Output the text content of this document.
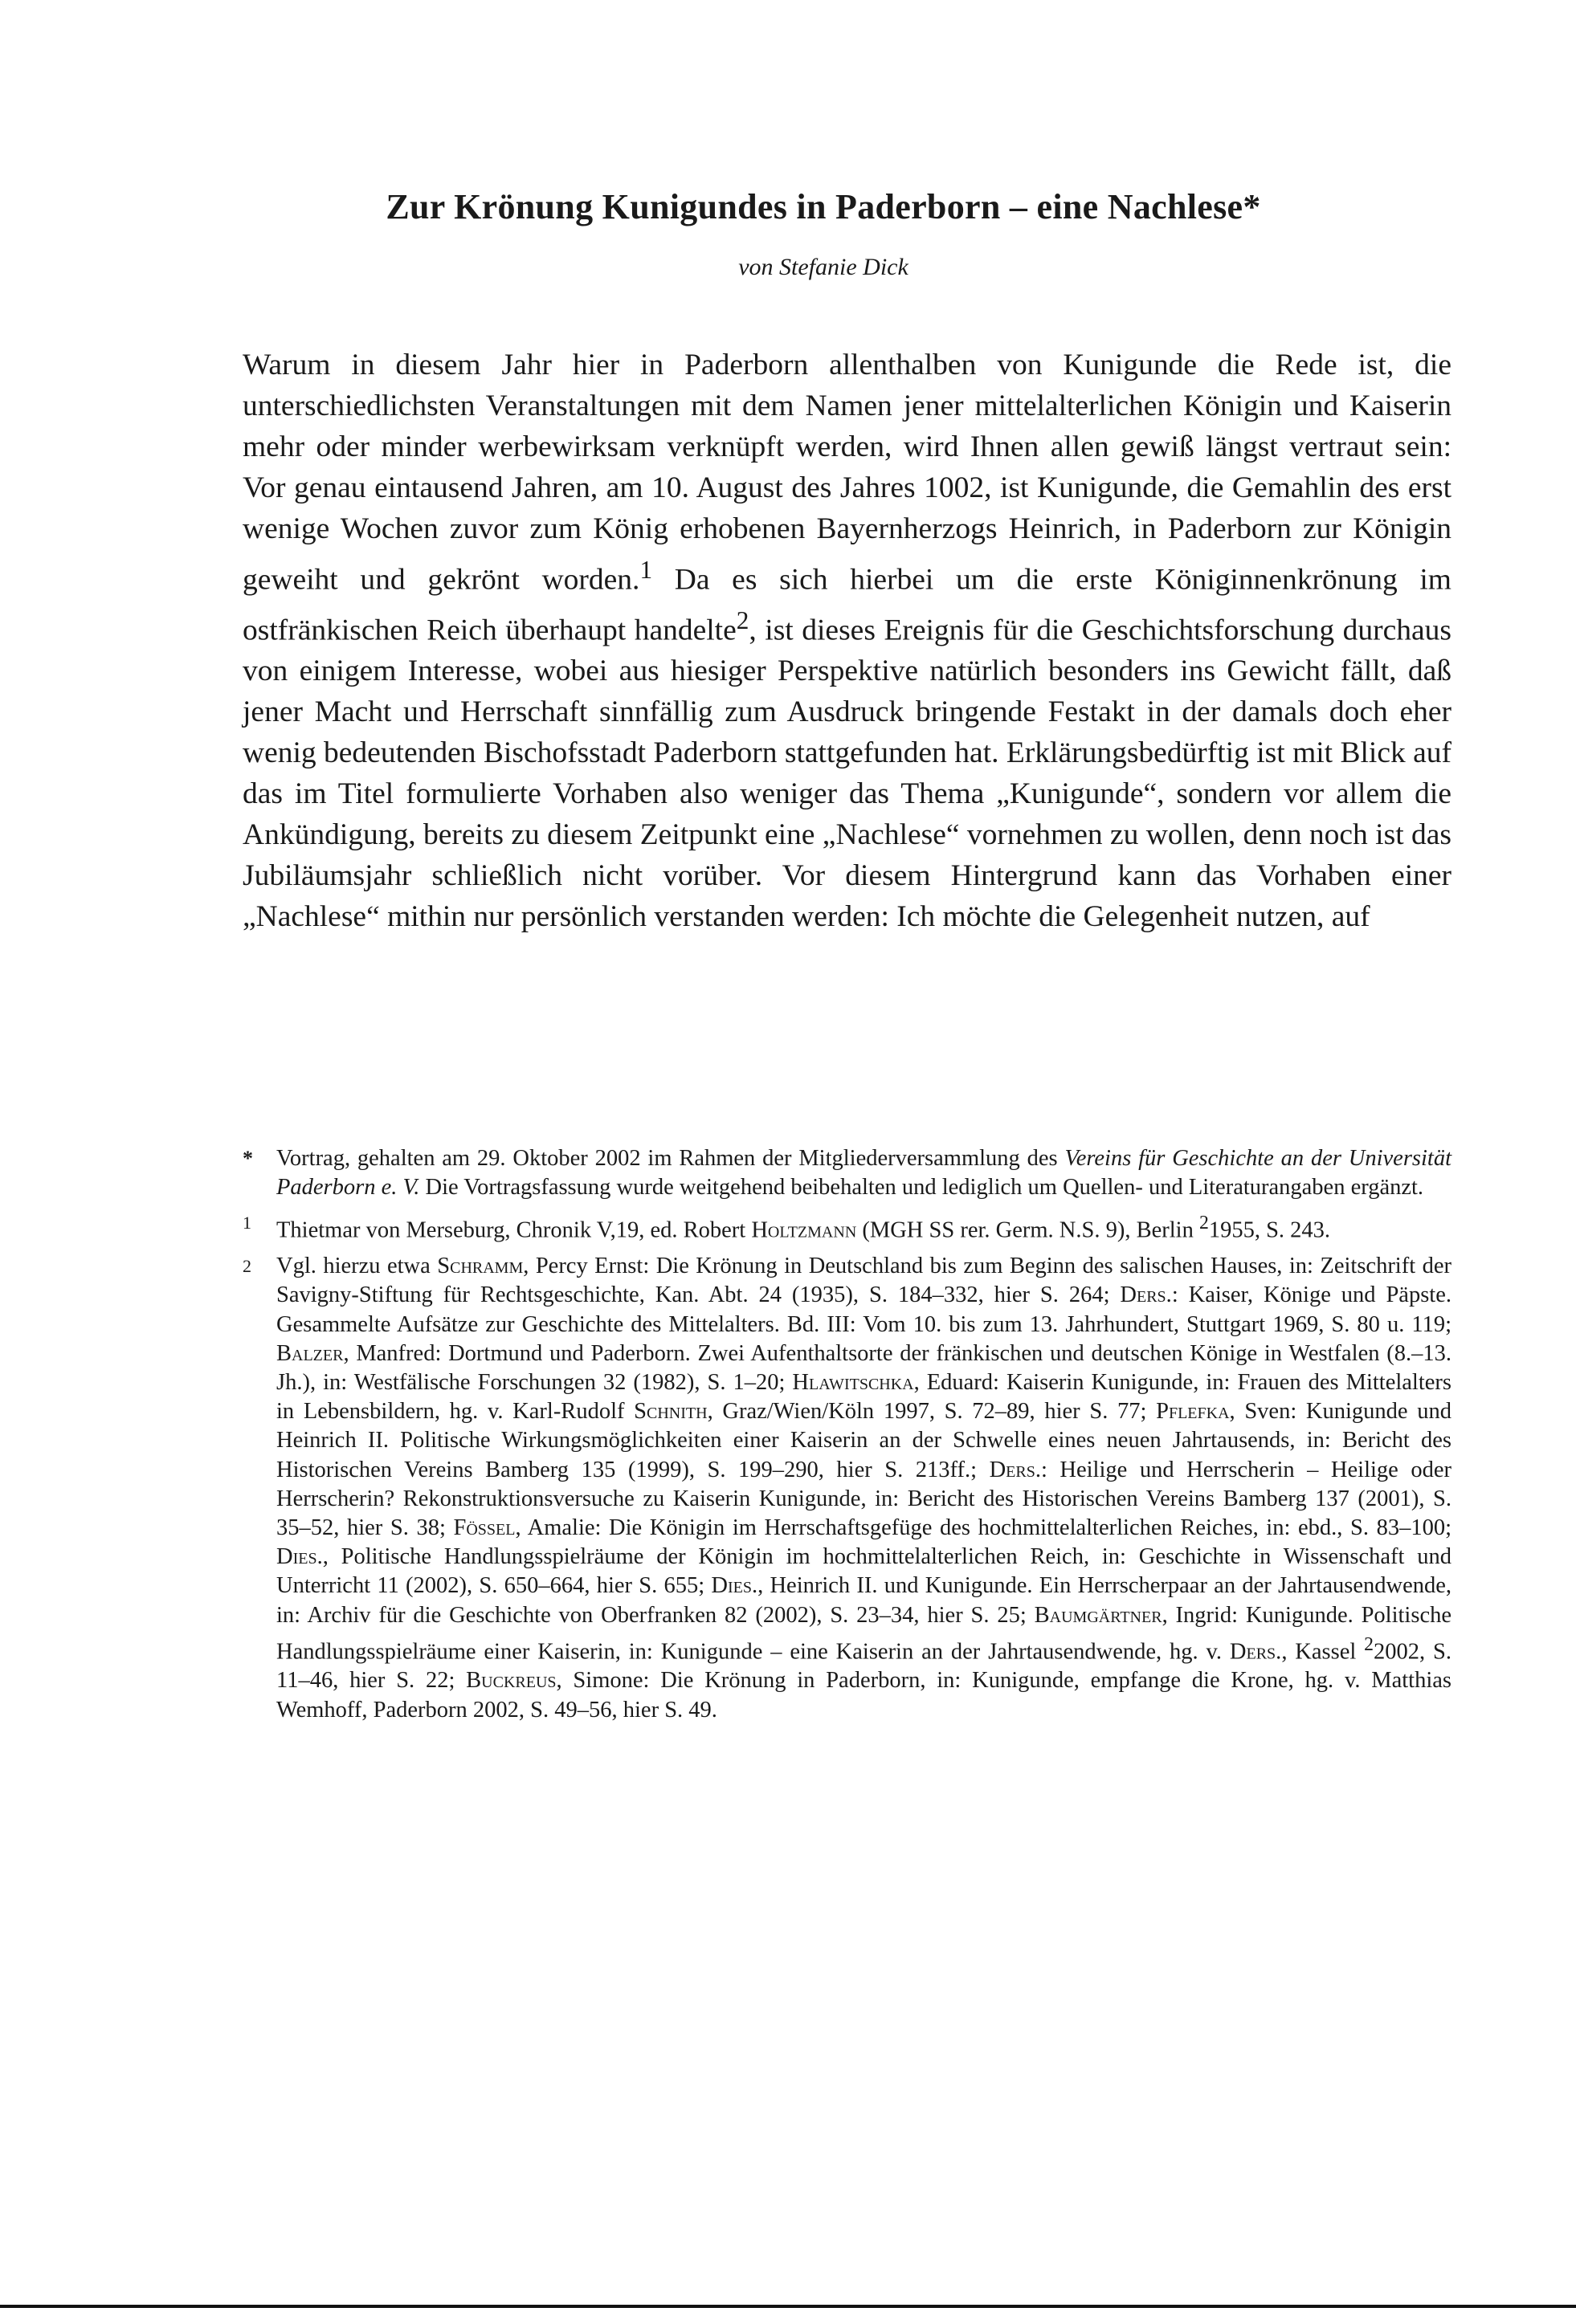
Zur Krönung Kunigundes in Paderborn – eine Nachlese*

von Stefanie Dick

Warum in diesem Jahr hier in Paderborn allenthalben von Kunigunde die Rede ist, die unterschiedlichsten Veranstaltungen mit dem Namen jener mittelalterlichen Königin und Kaiserin mehr oder minder werbewirksam verknüpft werden, wird Ihnen allen gewiß längst vertraut sein: Vor genau eintausend Jahren, am 10. August des Jahres 1002, ist Kunigunde, die Gemahlin des erst wenige Wochen zuvor zum König erhobenen Bayernherzogs Heinrich, in Paderborn zur Königin geweiht und gekrönt worden.$^1$ Da es sich hierbei um die erste Königinnenkrönung im ostfränkischen Reich überhaupt handelte$^2$, ist dieses Ereignis für die Geschichtsforschung durchaus von einigem Interesse, wobei aus hiesiger Perspektive natürlich besonders ins Gewicht fällt, daß jener Macht und Herrschaft sinnfällig zum Ausdruck bringende Festakt in der damals doch eher wenig bedeutenden Bischofsstadt Paderborn stattgefunden hat. Erklärungsbedürftig ist mit Blick auf das im Titel formulierte Vorhaben also weniger das Thema „Kunigunde“, sondern vor allem die Ankündigung, bereits zu diesem Zeitpunkt eine „Nachlese“ vornehmen zu wollen, denn noch ist das Jubiläumsjahr schließlich nicht vorüber. Vor diesem Hintergrund kann das Vorhaben einer „Nachlese“ mithin nur persönlich verstanden werden: Ich möchte die Gelegenheit nutzen, auf

* Vortrag, gehalten am 29. Oktober 2002 im Rahmen der Mitgliederversammlung des Vereins für Geschichte an der Universität Paderborn e. V. Die Vortragsfassung wurde weitgehend beibehalten und lediglich um Quellen- und Literaturangaben ergänzt.
1 Thietmar von Merseburg, Chronik V,19, ed. Robert Holtzmann (MGH SS rer. Germ. N.S. 9), Berlin $^2$1955, S. 243.
2 Vgl. hierzu etwa Schramm, Percy Ernst: Die Krönung in Deutschland bis zum Beginn des salischen Hauses, in: Zeitschrift der Savigny-Stiftung für Rechtsgeschichte, Kan. Abt. 24 (1935), S. 184–332, hier S. 264; Ders.: Kaiser, Könige und Päpste. Gesammelte Aufsätze zur Geschichte des Mittelalters. Bd. III: Vom 10. bis zum 13. Jahrhundert, Stuttgart 1969, S. 80 u. 119; Balzer, Manfred: Dortmund und Paderborn. Zwei Aufenthaltsorte der fränkischen und deutschen Könige in Westfalen (8.–13. Jh.), in: Westfälische Forschungen 32 (1982), S. 1–20; Hlawitschka, Eduard: Kaiserin Kunigunde, in: Frauen des Mittelalters in Lebensbildern, hg. v. Karl-Rudolf Schnith, Graz/Wien/Köln 1997, S. 72–89, hier S. 77; Pflefka, Sven: Kunigunde und Heinrich II. Politische Wirkungsmöglichkeiten einer Kaiserin an der Schwelle eines neuen Jahrtausends, in: Bericht des Historischen Vereins Bamberg 135 (1999), S. 199–290, hier S. 213ff.; Ders.: Heilige und Herrscherin – Heilige oder Herrscherin? Rekonstruktionsversuche zu Kaiserin Kunigunde, in: Bericht des Historischen Vereins Bamberg 137 (2001), S. 35–52, hier S. 38; Fössel, Amalie: Die Königin im Herrschaftsgefüge des hochmittelalterlichen Reiches, in: ebd., S. 83–100; Dies., Politische Handlungsspielräume der Königin im hochmittelalterlichen Reich, in: Geschichte in Wissenschaft und Unterricht 11 (2002), S. 650–664, hier S. 655; Dies., Heinrich II. und Kunigunde. Ein Herrscherpaar an der Jahrtausendwende, in: Archiv für die Geschichte von Oberfranken 82 (2002), S. 23–34, hier S. 25; Baumgärtner, Ingrid: Kunigunde. Politische Handlungsspielräume einer Kaiserin, in: Kunigunde – eine Kaiserin an der Jahrtausendwende, hg. v. Ders., Kassel $^2$2002, S. 11–46, hier S. 22; Buckreus, Simone: Die Krönung in Paderborn, in: Kunigunde, empfange die Krone, hg. v. Matthias Wemhoff, Paderborn 2002, S. 49–56, hier S. 49.
